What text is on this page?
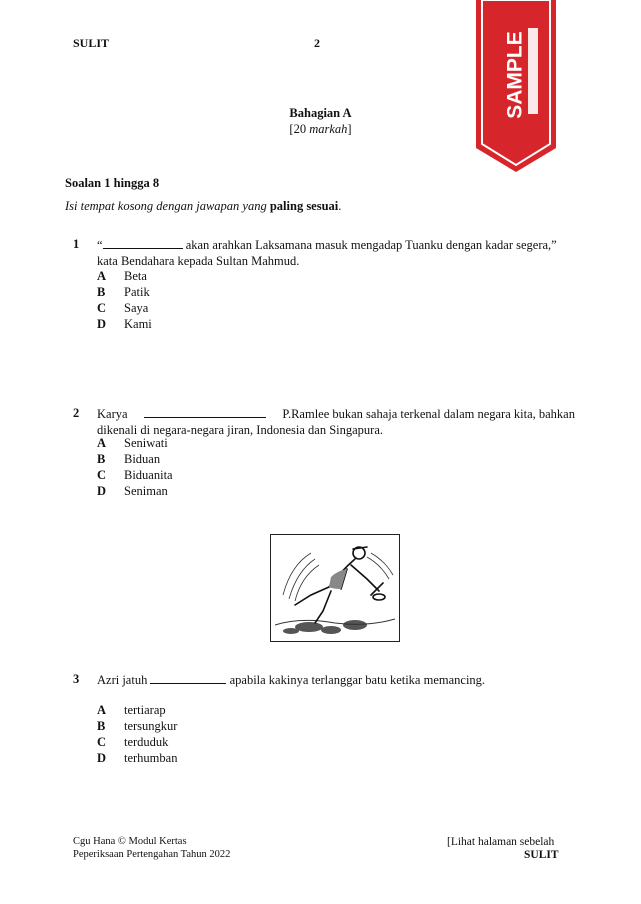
SULIT	2	SAMPLE
Bahagian A
[20 markah]
Soalan 1 hingga 8
Isi tempat kosong dengan jawapan yang paling sesuai.
1 “	akan arahkan Laksamana masuk mengadap Tuanku dengan kadar segera,”
kata Bendahara kepada Sultan Mahmud.
A Beta
B Patik
C Saya
D Kami
2 Karya	P.Ramlee bukan sahaja terkenal dalam negara kita, bahkan
dikenali di negara-negara jiran, Indonesia dan Singapura.
A Seniwati
B Biduan
C Biduanita
D Seniman
3 Azri jatuh	apabila kakinya terlanggar batu ketika memancing.
A tertiarap
B tersungkur
C terduduk
D terhumban
Cgu Hana © Modul Kertas
Peperiksaan Pertengahan Tahun 2022
[Lihat halaman sebelah
SULIT
